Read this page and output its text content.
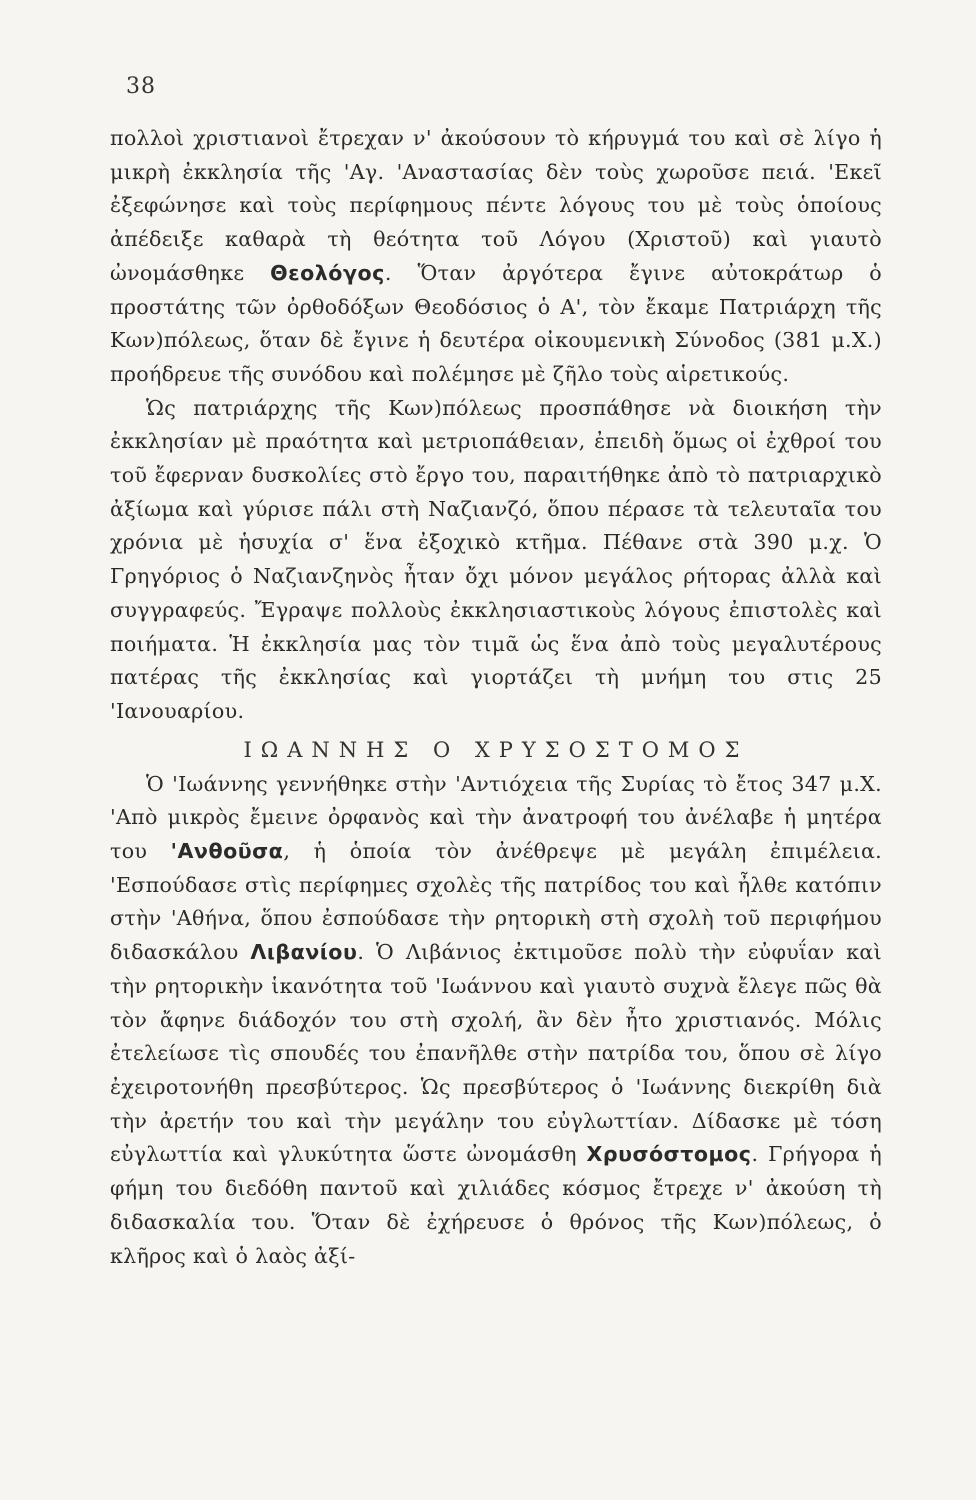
38

πολλοὶ χριστιανοὶ ἔτρεχαν ν' ἀκούσουν τὸ κήρυγμά του καὶ σὲ λίγο ἡ μικρὴ ἐκκλησία τῆς 'Αγ. 'Αναστασίας δὲν τοὺς χωροῦσε πειά. 'Εκεῖ ἐξεφώνησε καὶ τοὺς περίφημους πέντε λόγους του μὲ τοὺς ὁποίους ἀπέδειξε καθαρὰ τὴ θεότητα τοῦ Λόγου (Χριστοῦ) καὶ γιαυτὸ ὠνομάσθηκε Θεολόγος. Ὅταν ἀργότερα ἔγινε αὐτοκράτωρ ὁ προστάτης τῶν ὀρθοδόξων Θεοδόσιος ὁ Α', τὸν ἔκαμε Πατριάρχη τῆς Κων)πόλεως, ὅταν δὲ ἔγινε ἡ δευτέρα οἰκουμενικὴ Σύνοδος (381 μ.Χ.) προήδρευε τῆς συνόδου καὶ πολέμησε μὲ ζῆλο τοὺς αἱρετικούς.

Ὡς πατριάρχης τῆς Κων)πόλεως προσπάθησε νὰ διοικήση τὴν ἐκκλησίαν μὲ πραότητα καὶ μετριοπάθειαν, ἐπειδὴ ὅμως οἱ ἐχθροί του τοῦ ἔφερναν δυσκολίες στὸ ἔργο του, παραιτήθηκε ἀπὸ τὸ πατριαρχικὸ ἀξίωμα καὶ γύρισε πάλι στὴ Ναζιανζό, ὅπου πέρασε τὰ τελευταῖα του χρόνια μὲ ἡσυχία σ' ἕνα ἐξοχικὸ κτῆμα. Πέθανε στὰ 390 μ.χ. Ὁ Γρηγόριος ὁ Ναζιανζηνὸς ἦταν ὄχι μόνον μεγάλος ρήτορας ἀλλὰ καὶ συγγραφεύς. Ἔγραψε πολλοὺς ἐκκλησιαστικοὺς λόγους ἐπιστολὲς καὶ ποιήματα. Ἡ ἐκκλησία μας τὸν τιμᾶ ὡς ἕνα ἀπὸ τοὺς μεγαλυτέρους πατέρας τῆς ἐκκλησίας καὶ γιορτάζει τὴ μνήμη του στις 25 'Ιανουαρίου.

ΙΩΑΝΝΗΣ Ο ΧΡΥΣΟΣΤΟΜΟΣ

Ὁ 'Ιωάννης γεννήθηκε στὴν 'Αντιόχεια τῆς Συρίας τὸ ἔτος 347 μ.Χ. 'Απὸ μικρὸς ἔμεινε ὀρφανὸς καὶ τὴν ἀνατροφή του ἀνέλαβε ἡ μητέρα του 'Ανθοῦσα, ἡ ὁποία τὸν ἀνέθρεψε μὲ μεγάλη ἐπιμέλεια. 'Εσπούδασε στὶς περίφημες σχολὲς τῆς πατρίδος του καὶ ἦλθε κατόπιν στὴν 'Αθήνα, ὅπου ἐσπούδασε τὴν ρητορικὴ στὴ σχολὴ τοῦ περιφήμου διδασκάλου Λιβανίου. Ὁ Λιβάνιος ἐκτιμοῦσε πολὺ τὴν εὐφυΐαν καὶ τὴν ρητορικὴν ἱκανότητα τοῦ 'Ιωάννου καὶ γιαυτὸ συχνὰ ἔλεγε πῶς θὰ τὸν ἄφηνε διάδοχόν του στὴ σχολή, ἂν δὲν ἦτο χριστιανός. Μόλις ἐτελείωσε τὶς σπουδές του ἐπανῆλθε στὴν πατρίδα του, ὅπου σὲ λίγο ἐχειροτονήθη πρεσβύτερος. Ὡς πρεσβύτερος ὁ 'Ιωάννης διεκρίθη διὰ τὴν ἀρετήν του καὶ τὴν μεγάλην του εὐγλωττίαν. Δίδασκε μὲ τόση εὐγλωττία καὶ γλυκύτητα ὥστε ὠνομάσθη Χρυσόστομος. Γρήγορα ἡ φήμη του διεδόθη παντοῦ καὶ χιλιάδες κόσμος ἔτρεχε ν' ἀκούση τὴ διδασκαλία του. Ὅταν δὲ ἐχήρευσε ὁ θρόνος τῆς Κων)πόλεως, ὁ κλῆρος καὶ ὁ λαὸς ἀξί-
